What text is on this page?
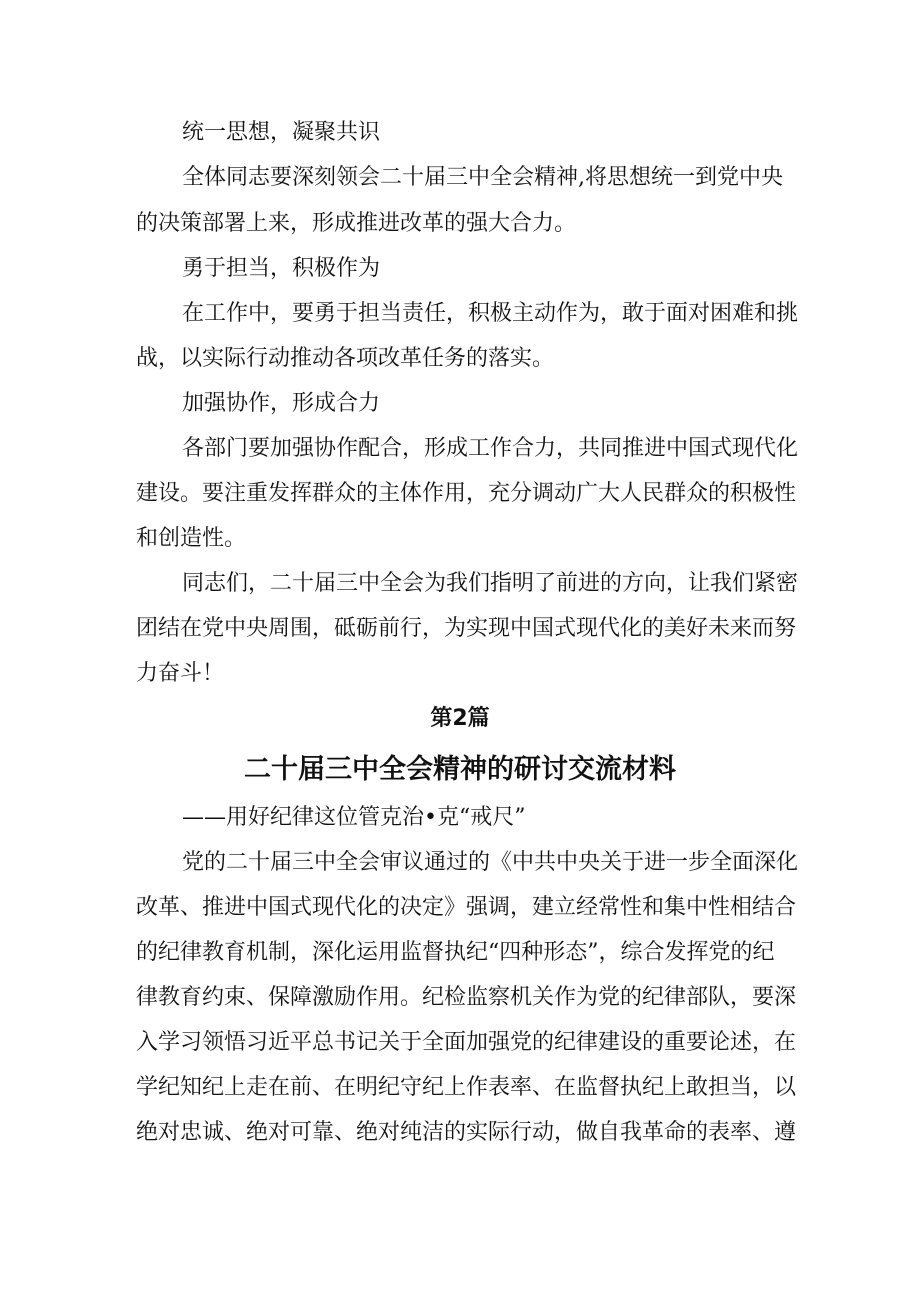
统一思想，凝聚共识
全体同志要深刻领会二十届三中全会精神,将思想统一到党中央
的决策部署上来，形成推进改革的强大合力。
勇于担当，积极作为
在工作中，要勇于担当责任，积极主动作为，敢于面对困难和挑
战，以实际行动推动各项改革任务的落实。
加强协作，形成合力
各部门要加强协作配合，形成工作合力，共同推进中国式现代化
建设。要注重发挥群众的主体作用，充分调动广大人民群众的积极性
和创造性。
同志们，二十届三中全会为我们指明了前进的方向，让我们紧密
团结在党中央周围，砥砺前行，为实现中国式现代化的美好未来而努
力奋斗！
第2篇
二十届三中全会精神的研讨交流材料
——用好纪律这位管克治•克“戒尺”
党的二十届三中全会审议通过的《中共中央关于进一步全面深化
改革、推进中国式现代化的决定》强调，建立经常性和集中性相结合
的纪律教育机制，深化运用监督执纪“四种形态”，综合发挥党的纪
律教育约束、保障激励作用。纪检监察机关作为党的纪律部队，要深
入学习领悟习近平总书记关于全面加强党的纪律建设的重要论述，在
学纪知纪上走在前、在明纪守纪上作表率、在监督执纪上敢担当，以
绝对忠诚、绝对可靠、绝对纯洁的实际行动，做自我革命的表率、遵
